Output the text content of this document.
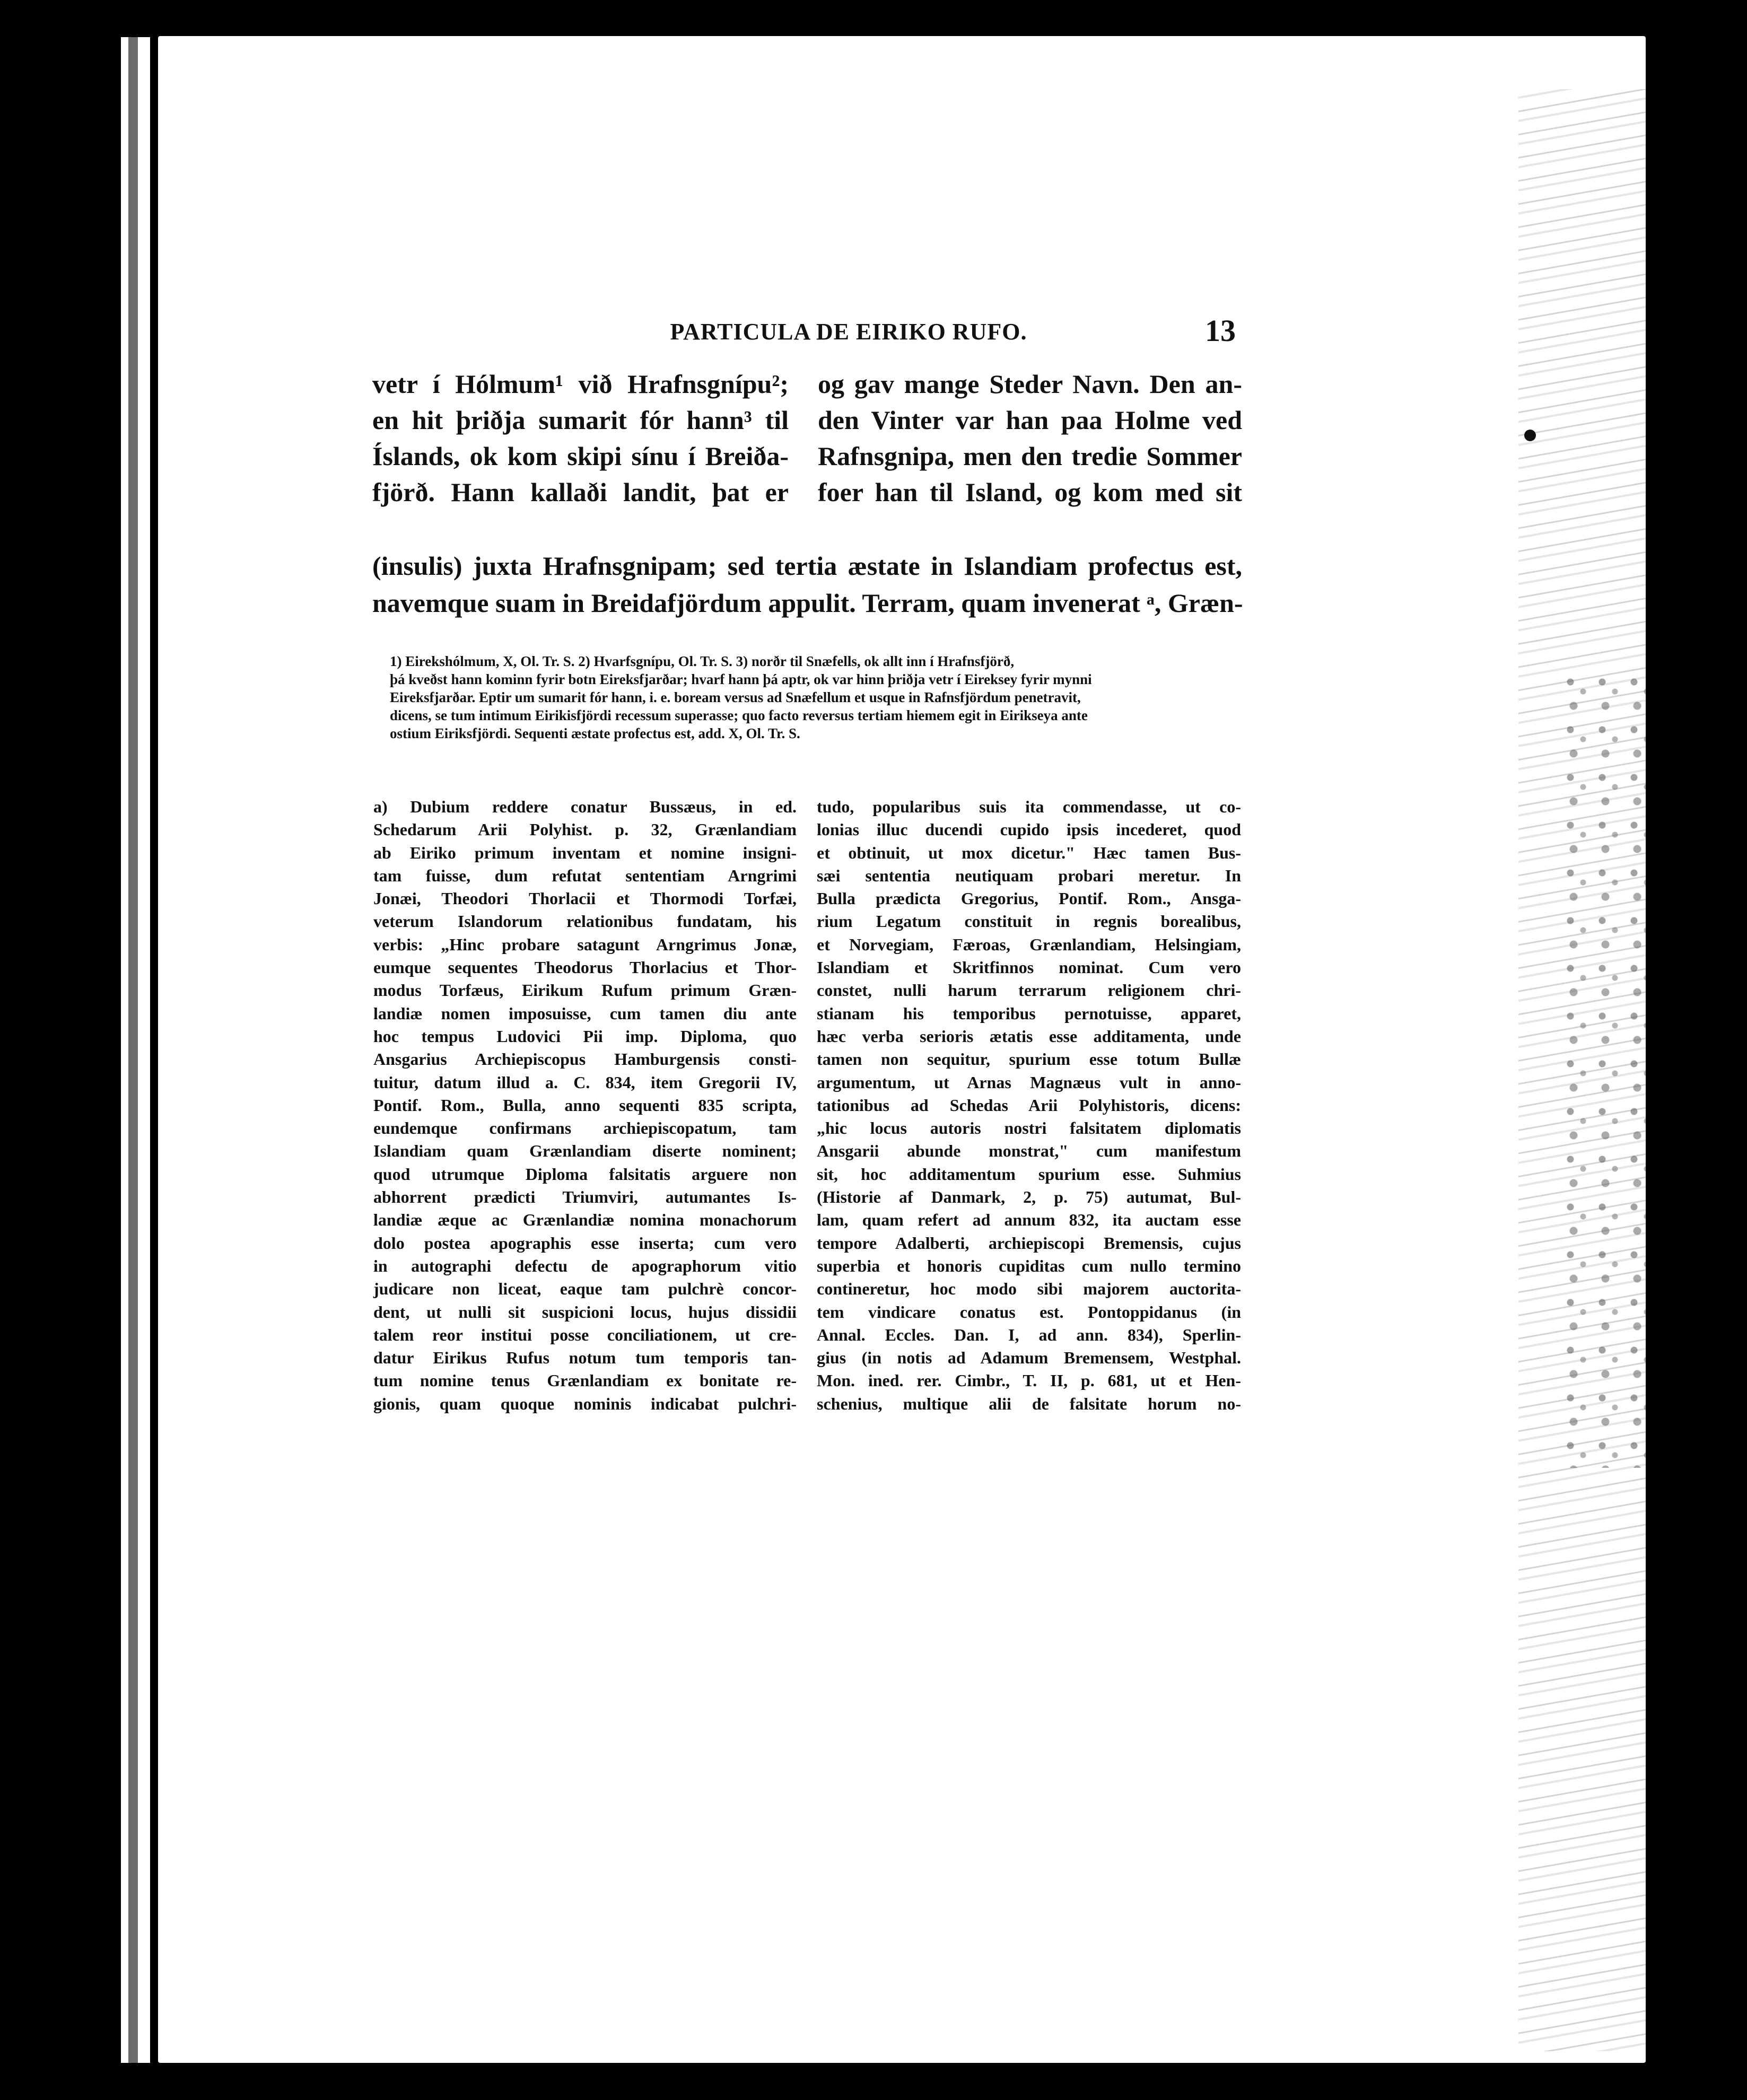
PARTICULA DE EIRIKO RUFO.	13
vetr í Hólmum¹ við Hrafnsgnípu²;
en hit þriðja sumarit fór hann³ til
Íslands, ok kom skipi sínu í Breiða-
fjörð. Hann kallaði landit, þat er
og gav mange Steder Navn. Den an-
den Vinter var han paa Holme ved
Rafnsgnipa, men den tredie Sommer
foer han til Island, og kom med sit
(insulis) juxta Hrafnsgnipam; sed tertia æstate in Islandiam profectus est,
navemque suam in Breidafjördum appulit. Terram, quam invenerat ᵃ, Græn-
1) Eirekshólmum, X, Ol. Tr. S. 2) Hvarfsgnípu, Ol. Tr. S. 3) norðr til Snæfells, ok allt inn í Hrafnsfjörð,
þá kveðst hann kominn fyrir botn Eireksfjarðar; hvarf hann þá aptr, ok var hinn þriðja vetr í Eireksey fyrir mynni
Eireksfjarðar. Eptir um sumarit fór hann, i. e. boream versus ad Snæfellum et usque in Rafnsfjördum penetravit,
dicens, se tum intimum Eirikisfjördi recessum superasse; quo facto reversus tertiam hiemem egit in Eirikseya ante
ostium Eiriksfjördi. Sequenti æstate profectus est, add. X, Ol. Tr. S.
a) Dubium reddere conatur Bussæus, in ed.
Schedarum Arii Polyhist. p. 32, Grænlandiam
ab Eiriko primum inventam et nomine insigni-
tam fuisse, dum refutat sententiam Arngrimi
Jonæi, Theodori Thorlacii et Thormodi Torfæi,
veterum Islandorum relationibus fundatam, his
verbis: „Hinc probare satagunt Arngrimus Jonæ,
eumque sequentes Theodorus Thorlacius et Thor-
modus Torfæus, Eirikum Rufum primum Græn-
landiæ nomen imposuisse, cum tamen diu ante
hoc tempus Ludovici Pii imp. Diploma, quo
Ansgarius Archiepiscopus Hamburgensis consti-
tuitur, datum illud a. C. 834, item Gregorii IV,
Pontif. Rom., Bulla, anno sequenti 835 scripta,
eundemque confirmans archiepiscopatum, tam
Islandiam quam Grænlandiam diserte nominent;
quod utrumque Diploma falsitatis arguere non
abhorrent prædicti Triumviri, autumantes Is-
landiæ æque ac Grænlandiæ nomina monachorum
dolo postea apographis esse inserta; cum vero
in autographi defectu de apographorum vitio
judicare non liceat, eaque tam pulchrè concor-
dent, ut nulli sit suspicioni locus, hujus dissidii
talem reor institui posse conciliationem, ut cre-
datur Eirikus Rufus notum tum temporis tan-
tum nomine tenus Grænlandiam ex bonitate re-
gionis, quam quoque nominis indicabat pulchri-
tudo, popularibus suis ita commendasse, ut co-
lonias illuc ducendi cupido ipsis incederet, quod
et obtinuit, ut mox dicetur." Hæc tamen Bus-
sæi sententia neutiquam probari meretur. In
Bulla prædicta Gregorius, Pontif. Rom., Ansga-
rium Legatum constituit in regnis borealibus,
et Norvegiam, Færoas, Grænlandiam, Helsingiam,
Islandiam et Skritfinnos nominat. Cum vero
constet, nulli harum terrarum religionem chri-
stianam his temporibus pernotuisse, apparet,
hæc verba serioris ætatis esse additamenta, unde
tamen non sequitur, spurium esse totum Bullæ
argumentum, ut Arnas Magnæus vult in anno-
tationibus ad Schedas Arii Polyhistoris, dicens:
„hic locus autoris nostri falsitatem diplomatis
Ansgarii abunde monstrat," cum manifestum
sit, hoc additamentum spurium esse. Suhmius
(Historie af Danmark, 2, p. 75) autumat, Bul-
lam, quam refert ad annum 832, ita auctam esse
tempore Adalberti, archiepiscopi Bremensis, cujus
superbia et honoris cupiditas cum nullo termino
contineretur, hoc modo sibi majorem auctorita-
tem vindicare conatus est. Pontoppidanus (in
Annal. Eccles. Dan. I, ad ann. 834), Sperlin-
gius (in notis ad Adamum Bremensem, Westphal.
Mon. ined. rer. Cimbr., T. II, p. 681, ut et Hen-
schenius, multique alii de falsitate horum no-
